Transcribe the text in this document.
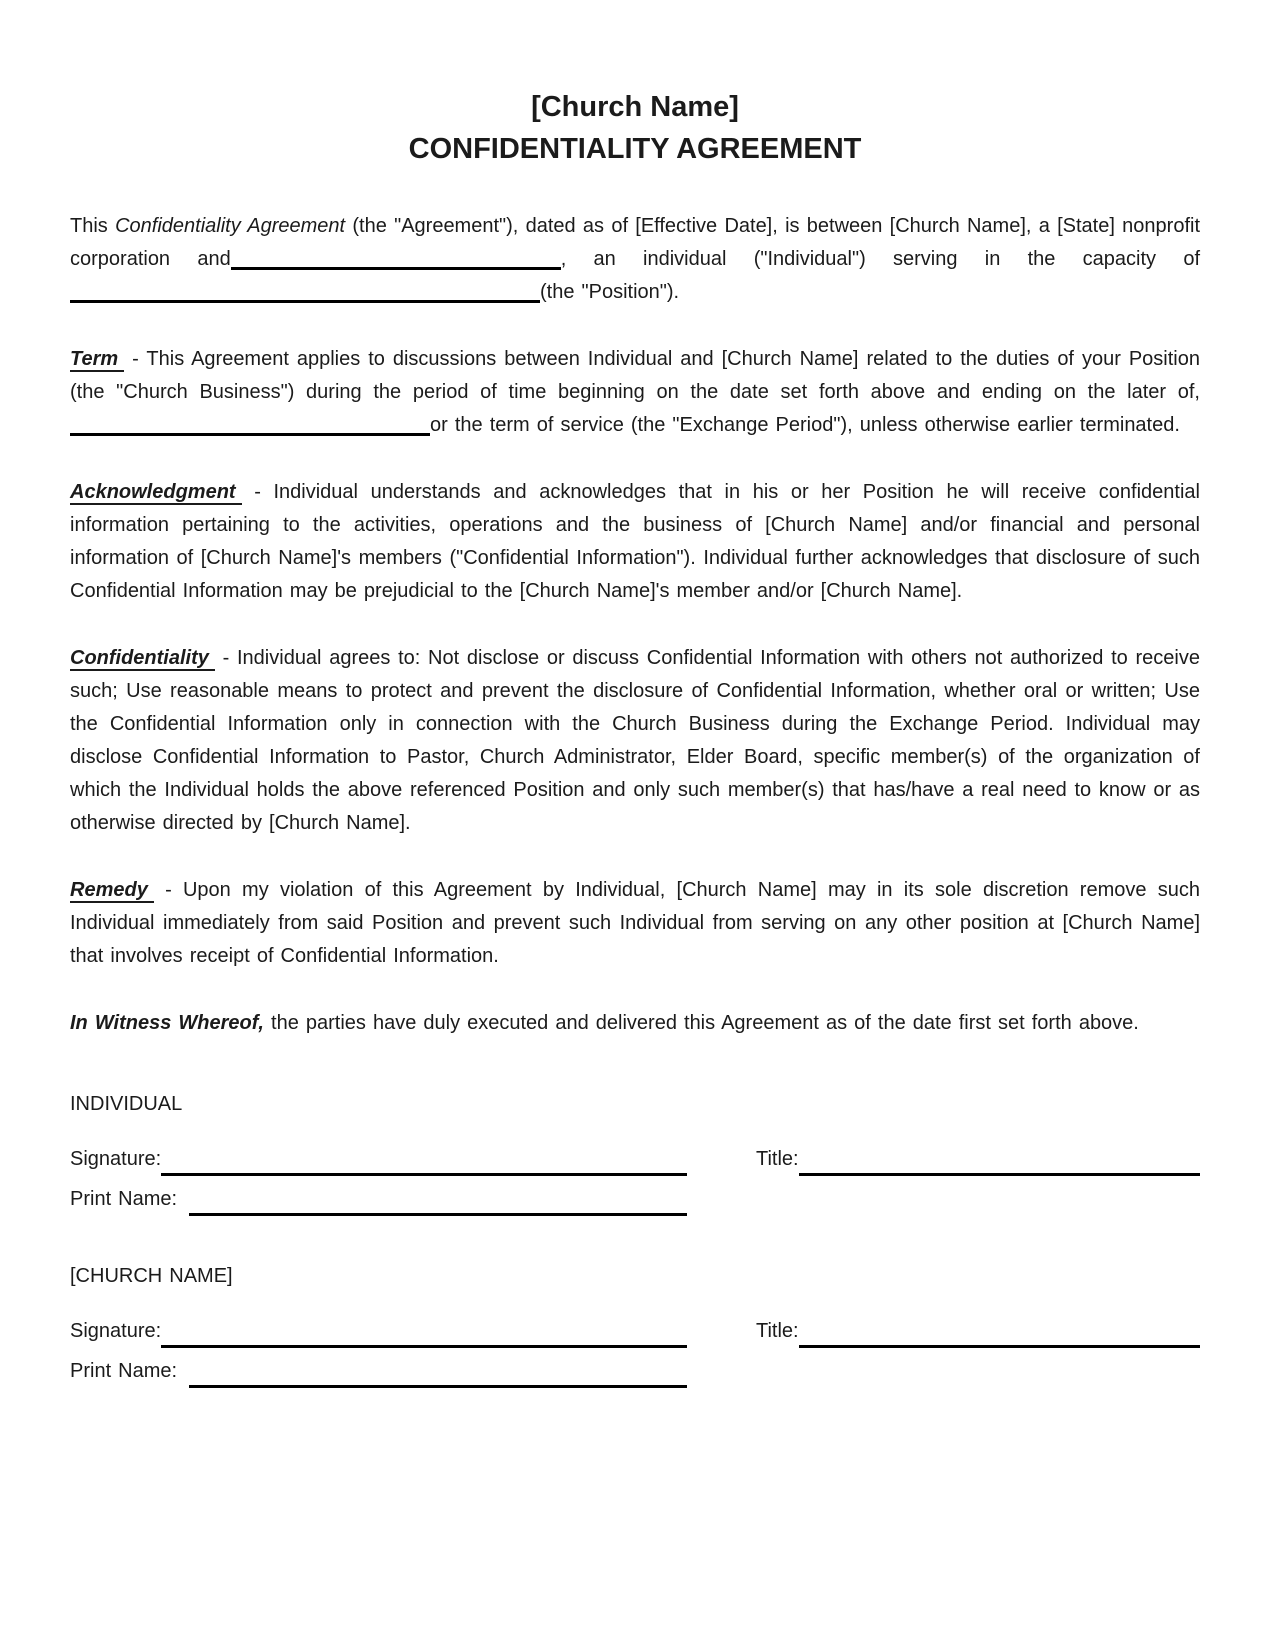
[Church Name]
CONFIDENTIALITY AGREEMENT

This Confidentiality Agreement (the "Agreement"), dated as of [Effective Date], is between [Church Name], a [State] nonprofit corporation and	, an individual ("Individual") serving in the capacity of(the "Position").

Term - This Agreement applies to discussions between Individual and [Church Name] related to the duties of your Position (the "Church Business") during the period of time beginning on the date set forth above and ending on the later of,or the term of service (the "Exchange Period"), unless otherwise earlier terminated.

Acknowledgment - Individual understands and acknowledges that in his or her Position he will receive confidential information pertaining to the activities, operations and the business of [Church Name] and/or financial and personal information of [Church Name]'s members ("Confidential Information"). Individual further acknowledges that disclosure of such Confidential Information may be prejudicial to the [Church Name]'s member and/or [Church Name].

Confidentiality - Individual agrees to: Not disclose or discuss Confidential Information with others not authorized to receive such; Use reasonable means to protect and prevent the disclosure of Confidential Information, whether oral or written; Use the Confidential Information only in connection with the Church Business during the Exchange Period. Individual may disclose Confidential Information to Pastor, Church Administrator, Elder Board, specific member(s) of the organization of which the Individual holds the above referenced Position and only such member(s) that has/have a real need to know or as otherwise directed by [Church Name].

Remedy - Upon my violation of this Agreement by Individual, [Church Name] may in its sole discretion remove such Individual immediately from said Position and prevent such Individual from serving on any other position at [Church Name] that involves receipt of Confidential Information.

In Witness Whereof, the parties have duly executed and delivered this Agreement as of the date first set forth above.

INDIVIDUAL
Signature:	Title:
Print Name:
[CHURCH NAME]
Signature:	Title:
Print Name:
